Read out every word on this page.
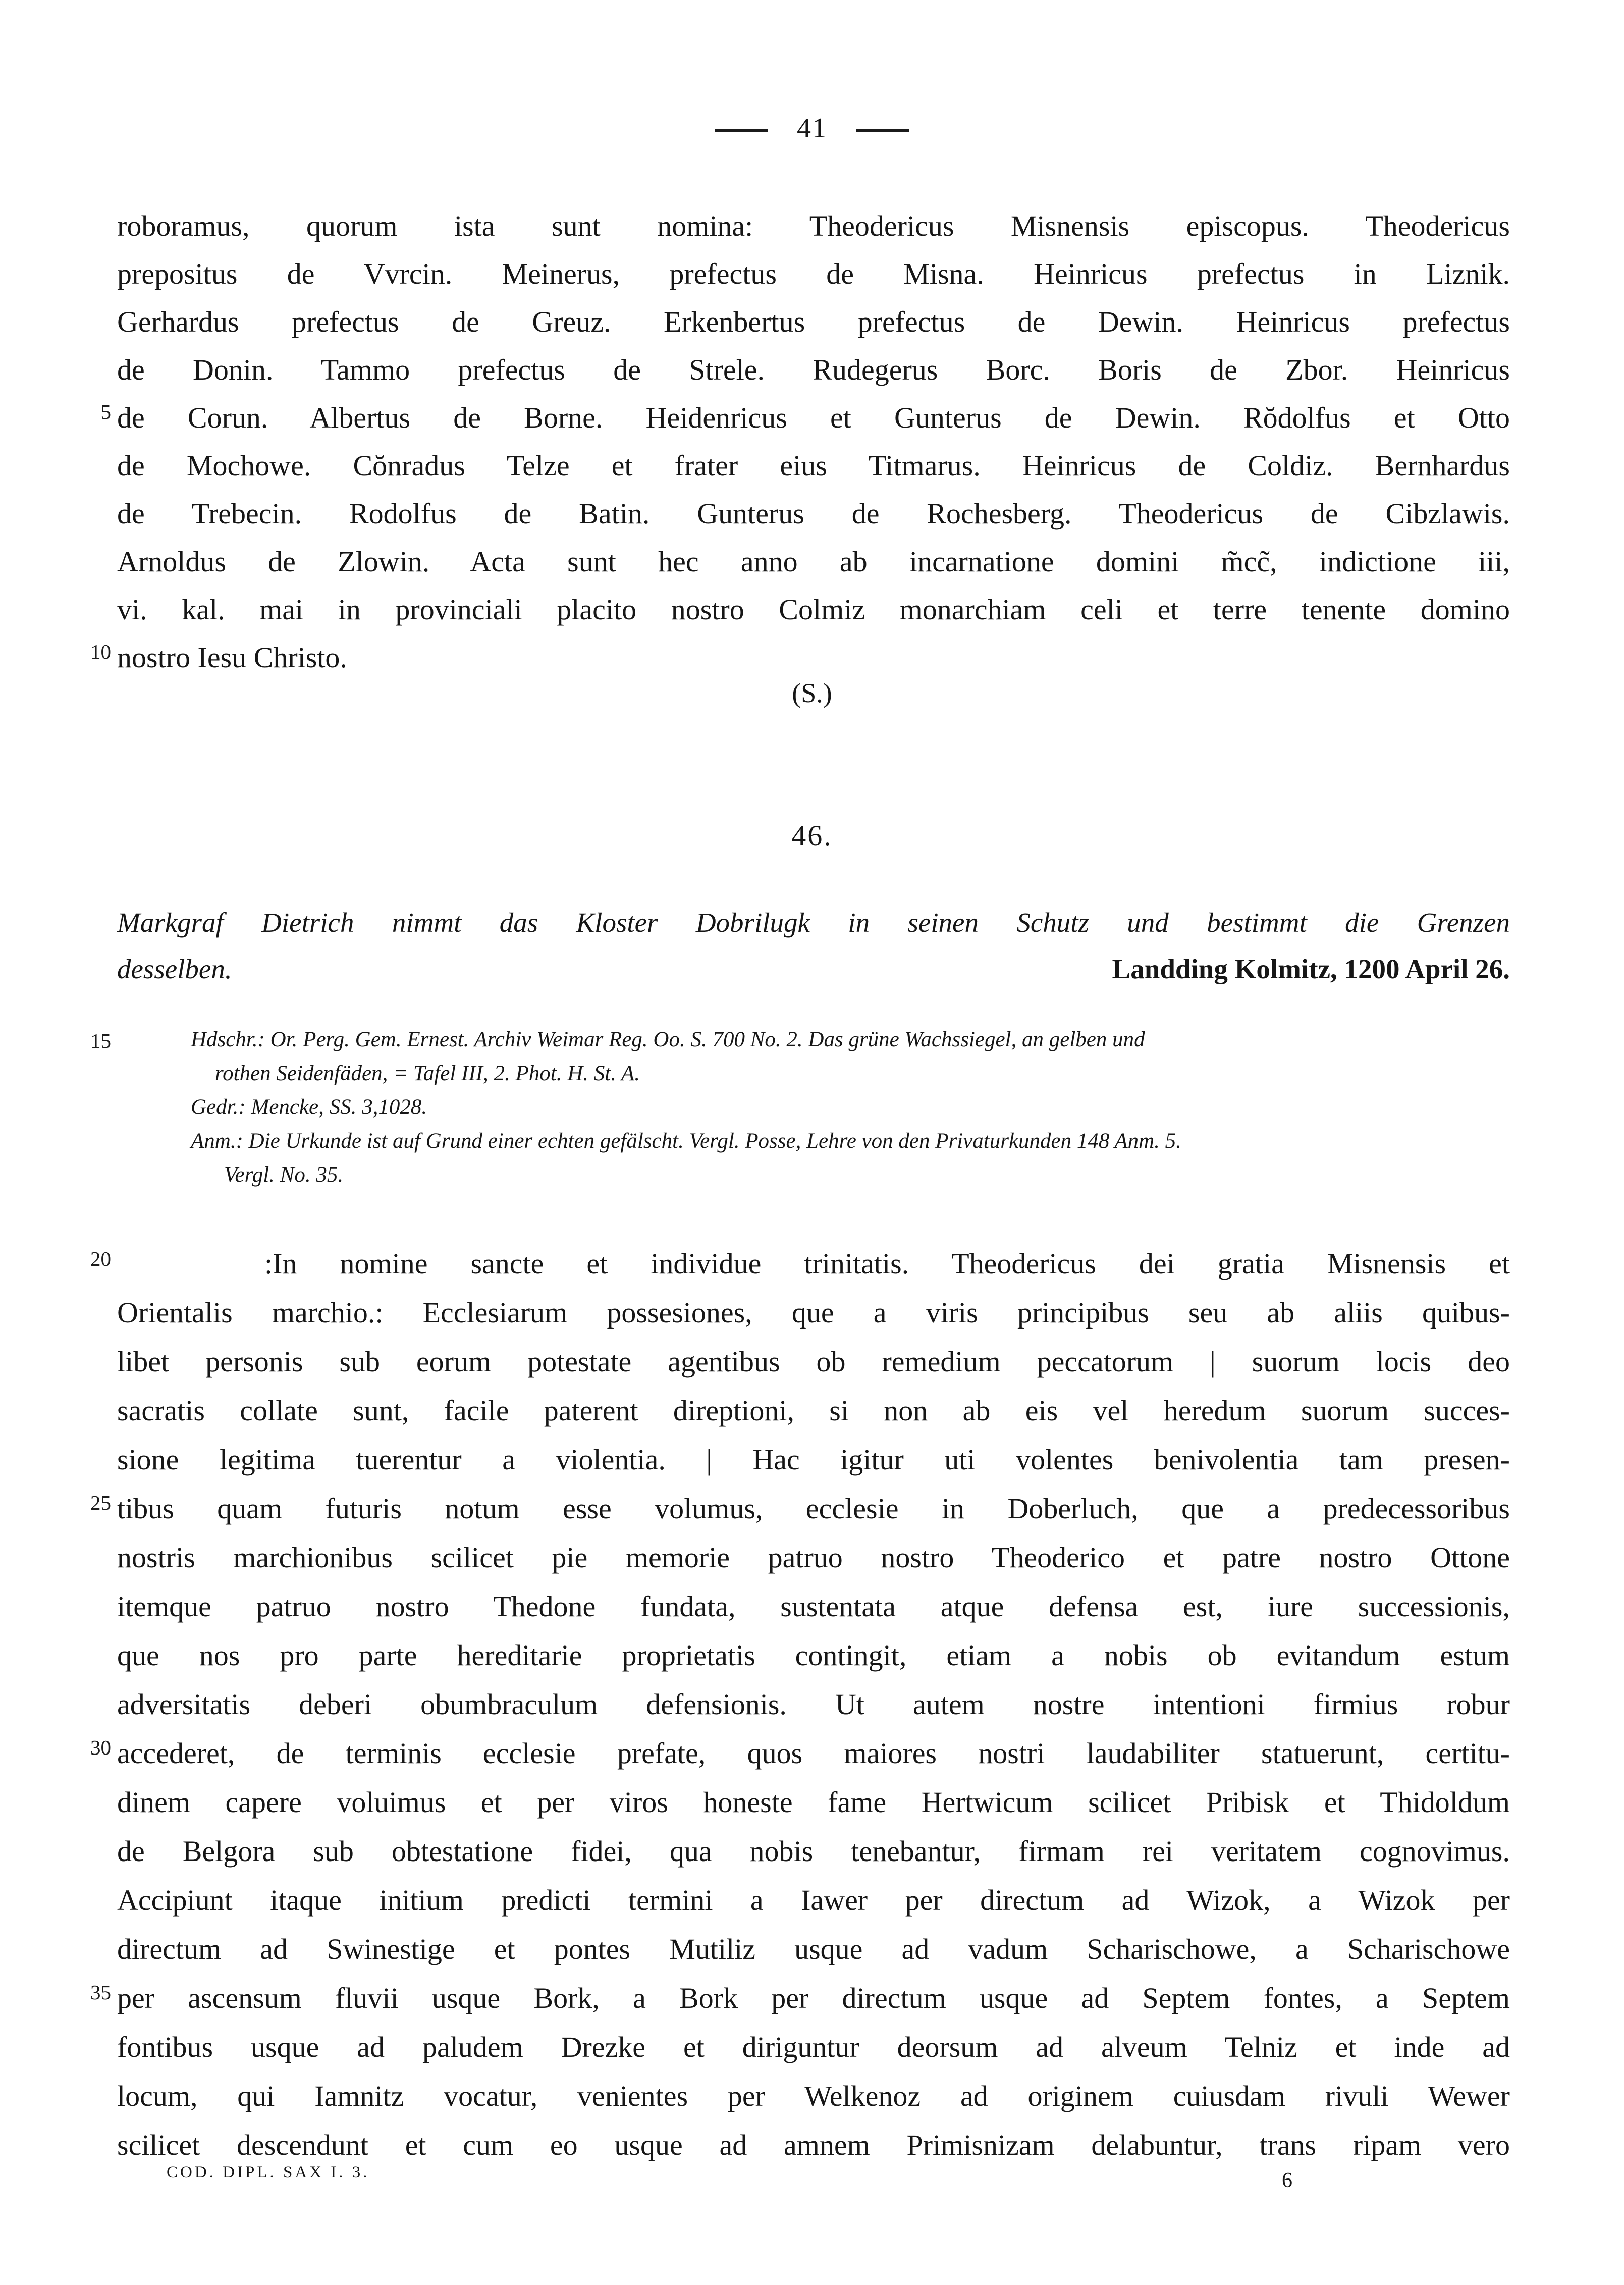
41
5
10
15
20
25
30
35
roboramus, quorum ista sunt nomina: Theodericus Misnensis episcopus. Theodericus
prepositus de Vvrcin. Meinerus, prefectus de Misna. Heinricus prefectus in Liznik.
Gerhardus prefectus de Greuz. Erkenbertus prefectus de Dewin. Heinricus prefectus
de Donin. Tammo prefectus de Strele. Rudegerus Borc. Boris de Zbor. Heinricus
de Corun. Albertus de Borne. Heidenricus et Gunterus de Dewin. Rŏdolfus et Otto
de Mochowe. Cŏnradus Telze et frater eius Titmarus. Heinricus de Coldiz. Bernhardus
de Trebecin. Rodolfus de Batin. Gunterus de Rochesberg. Theodericus de Cibzlawis.
Arnoldus de Zlowin. Acta sunt hec anno ab incarnatione domini m̃cc̃, indictione iii,
vi. kal. mai in provinciali placito nostro Colmiz monarchiam celi et terre tenente domino
nostro Iesu Christo.
(S.)
46.
Markgraf Dietrich nimmt das Kloster Dobrilugk in seinen Schutz und bestimmt die Grenzen
desselben.	Landding Kolmitz, 1200 April 26.
Hdschr.: Or. Perg. Gem. Ernest. Archiv Weimar Reg. Oo. S. 700 No. 2. Das grüne Wachssiegel, an gelben und
rothen Seidenfäden, = Tafel III, 2. Phot. H. St. A.
Gedr.: Mencke, SS. 3,1028.
Anm.: Die Urkunde ist auf Grund einer echten gefälscht. Vergl. Posse, Lehre von den Privaturkunden 148 Anm. 5.
Vergl. No. 35.
:In nomine sancte et individue trinitatis. Theodericus dei gratia Misnensis et
Orientalis marchio.: Ecclesiarum possesiones, que a viris principibus seu ab aliis quibus-
libet personis sub eorum potestate agentibus ob remedium peccatorum | suorum locis deo
sacratis collate sunt, facile paterent direptioni, si non ab eis vel heredum suorum succes-
sione legitima tuerentur a violentia. | Hac igitur uti volentes benivolentia tam presen-
tibus quam futuris notum esse volumus, ecclesie in Doberluch, que a predecessoribus
nostris marchionibus scilicet pie memorie patruo nostro Theoderico et patre nostro Ottone
itemque patruo nostro Thedone fundata, sustentata atque defensa est, iure successionis,
que nos pro parte hereditarie proprietatis contingit, etiam a nobis ob evitandum estum
adversitatis deberi obumbraculum defensionis. Ut autem nostre intentioni firmius robur
accederet, de terminis ecclesie prefate, quos maiores nostri laudabiliter statuerunt, certitu-
dinem capere voluimus et per viros honeste fame Hertwicum scilicet Pribisk et Thidoldum
de Belgora sub obtestatione fidei, qua nobis tenebantur, firmam rei veritatem cognovimus.
Accipiunt itaque initium predicti termini a Iawer per directum ad Wizok, a Wizok per
directum ad Swinestige et pontes Mutiliz usque ad vadum Scharischowe, a Scharischowe
per ascensum fluvii usque Bork, a Bork per directum usque ad Septem fontes, a Septem
fontibus usque ad paludem Drezke et diriguntur deorsum ad alveum Telniz et inde ad
locum, qui Iamnitz vocatur, venientes per Welkenoz ad originem cuiusdam rivuli Wewer
scilicet descendunt et cum eo usque ad amnem Primisnizam delabuntur, trans ripam vero
COD. DIPL. SAX I. 3.	6
